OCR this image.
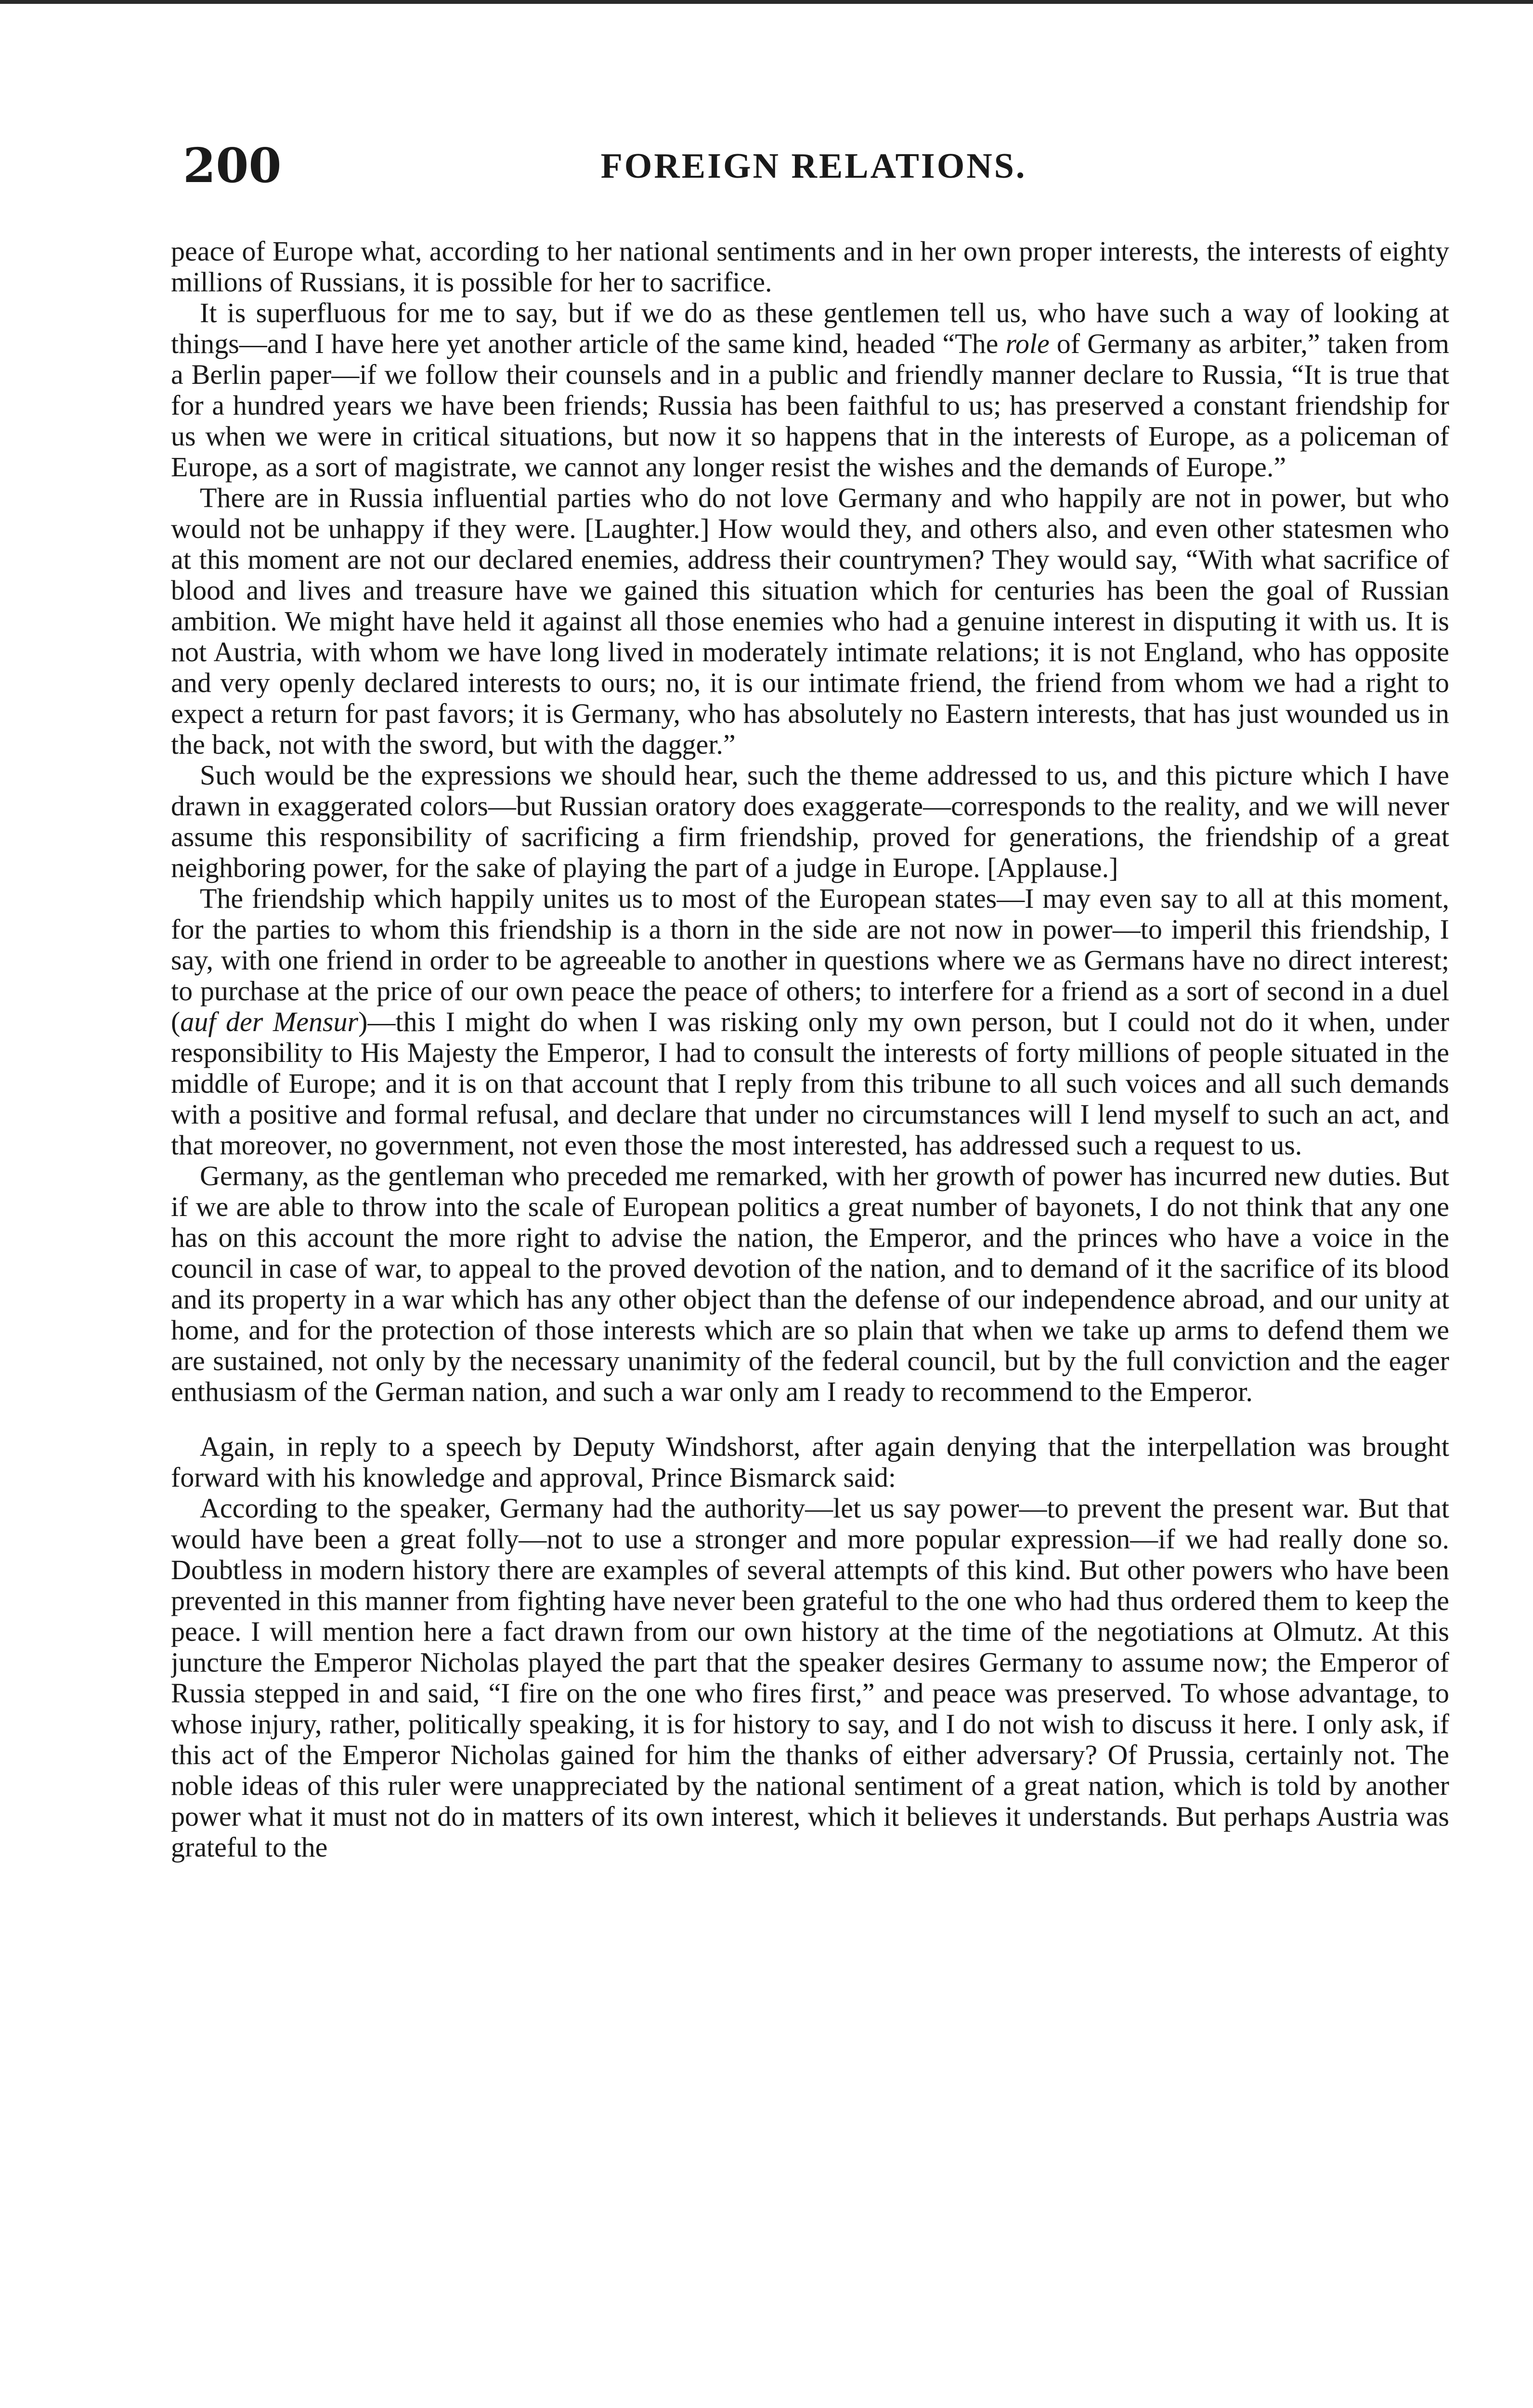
200	FOREIGN RELATIONS.

peace of Europe what, according to her national sentiments and in her own proper interests, the interests of eighty millions of Russians, it is possible for her to sacrifice.

It is superfluous for me to say, but if we do as these gentlemen tell us, who have such a way of looking at things—and I have here yet another article of the same kind, headed “The role of Germany as arbiter,” taken from a Berlin paper—if we follow their counsels and in a public and friendly manner declare to Russia, “It is true that for a hundred years we have been friends; Russia has been faithful to us; has preserved a constant friendship for us when we were in critical situations, but now it so happens that in the interests of Europe, as a policeman of Europe, as a sort of magistrate, we cannot any longer resist the wishes and the demands of Europe.”

There are in Russia influential parties who do not love Germany and who happily are not in power, but who would not be unhappy if they were. [Laughter.] How would they, and others also, and even other statesmen who at this moment are not our declared enemies, address their countrymen? They would say, “With what sacrifice of blood and lives and treasure have we gained this situation which for centuries has been the goal of Russian ambition. We might have held it against all those enemies who had a genuine interest in disputing it with us. It is not Austria, with whom we have long lived in moderately intimate relations; it is not England, who has opposite and very openly declared interests to ours; no, it is our intimate friend, the friend from whom we had a right to expect a return for past favors; it is Germany, who has absolutely no Eastern interests, that has just wounded us in the back, not with the sword, but with the dagger.”

Such would be the expressions we should hear, such the theme addressed to us, and this picture which I have drawn in exaggerated colors—but Russian oratory does exaggerate—corresponds to the reality, and we will never assume this responsibility of sacrificing a firm friendship, proved for generations, the friendship of a great neighboring power, for the sake of playing the part of a judge in Europe. [Applause.]

The friendship which happily unites us to most of the European states—I may even say to all at this moment, for the parties to whom this friendship is a thorn in the side are not now in power—to imperil this friendship, I say, with one friend in order to be agreeable to another in questions where we as Germans have no direct interest; to purchase at the price of our own peace the peace of others; to interfere for a friend as a sort of second in a duel (auf der Mensur)—this I might do when I was risking only my own person, but I could not do it when, under responsibility to His Majesty the Emperor, I had to consult the interests of forty millions of people situated in the middle of Europe; and it is on that account that I reply from this tribune to all such voices and all such demands with a positive and formal refusal, and declare that under no circumstances will I lend myself to such an act, and that moreover, no government, not even those the most interested, has addressed such a request to us.

Germany, as the gentleman who preceded me remarked, with her growth of power has incurred new duties. But if we are able to throw into the scale of European politics a great number of bayonets, I do not think that any one has on this account the more right to advise the nation, the Emperor, and the princes who have a voice in the council in case of war, to appeal to the proved devotion of the nation, and to demand of it the sacrifice of its blood and its property in a war which has any other object than the defense of our independence abroad, and our unity at home, and for the protection of those interests which are so plain that when we take up arms to defend them we are sustained, not only by the necessary unanimity of the federal council, but by the full conviction and the eager enthusiasm of the German nation, and such a war only am I ready to recommend to the Emperor.

Again, in reply to a speech by Deputy Windshorst, after again denying that the interpellation was brought forward with his knowledge and approval, Prince Bismarck said:

According to the speaker, Germany had the authority—let us say power—to prevent the present war. But that would have been a great folly—not to use a stronger and more popular expression—if we had really done so. Doubtless in modern history there are examples of several attempts of this kind. But other powers who have been prevented in this manner from fighting have never been grateful to the one who had thus ordered them to keep the peace. I will mention here a fact drawn from our own history at the time of the negotiations at Olmutz. At this juncture the Emperor Nicholas played the part that the speaker desires Germany to assume now; the Emperor of Russia stepped in and said, “I fire on the one who fires first,” and peace was preserved. To whose advantage, to whose injury, rather, politically speaking, it is for history to say, and I do not wish to discuss it here. I only ask, if this act of the Emperor Nicholas gained for him the thanks of either adversary? Of Prussia, certainly not. The noble ideas of this ruler were unappreciated by the national sentiment of a great nation, which is told by another power what it must not do in matters of its own interest, which it believes it understands. But perhaps Austria was grateful to the
